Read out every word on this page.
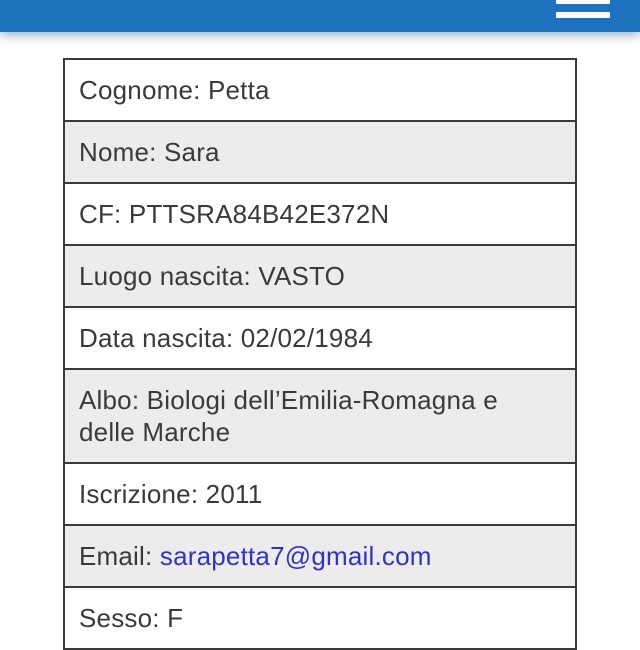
Cognome: Petta
Nome: Sara
CF: PTTSRA84B42E372N
Luogo nascita: VASTO
Data nascita: 02/02/1984
Albo: Biologi dell’Emilia-Romagna e delle Marche
Iscrizione: 2011
Email: sarapetta7@gmail.com
Sesso: F
